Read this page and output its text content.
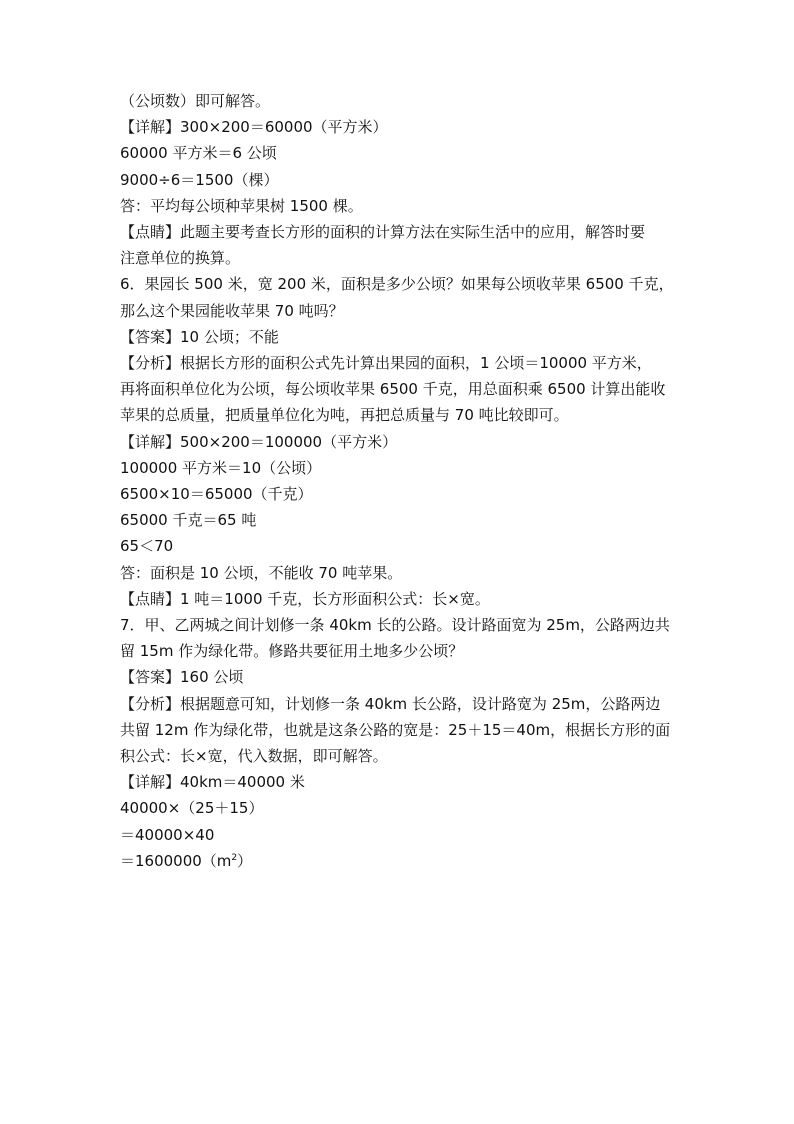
（公顷数）即可解答。

【详解】300×200＝60000（平方米）

60000 平方米＝6 公顷

9000÷6＝1500（棵）

答：平均每公顷种苹果树 1500 棵。

【点睛】此题主要考查长方形的面积的计算方法在实际生活中的应用，解答时要

注意单位的换算。

6．果园长 500 米，宽 200 米，面积是多少公顷？如果每公顷收苹果 6500 千克，

那么这个果园能收苹果 70 吨吗？

【答案】10 公顷；不能

【分析】根据长方形的面积公式先计算出果园的面积，1 公顷＝10000 平方米，

再将面积单位化为公顷，每公顷收苹果 6500 千克，用总面积乘 6500 计算出能收

苹果的总质量，把质量单位化为吨，再把总质量与 70 吨比较即可。

【详解】500×200＝100000（平方米）

100000 平方米＝10（公顷）

6500×10＝65000（千克）

65000 千克＝65 吨

65＜70

答：面积是 10 公顷，不能收 70 吨苹果。

【点睛】1 吨＝1000 千克，长方形面积公式：长×宽。

7．甲、乙两城之间计划修一条 40km 长的公路。设计路面宽为 25m，公路两边共

留 15m 作为绿化带。修路共要征用土地多少公顷？

【答案】160 公顷

【分析】根据题意可知，计划修一条 40km 长公路，设计路宽为 25m，公路两边

共留 12m 作为绿化带，也就是这条公路的宽是：25＋15＝40m，根据长方形的面

积公式：长×宽，代入数据，即可解答。

【详解】40km＝40000 米

40000×（25＋15）

＝40000×40

$=1600000(m^2)$
